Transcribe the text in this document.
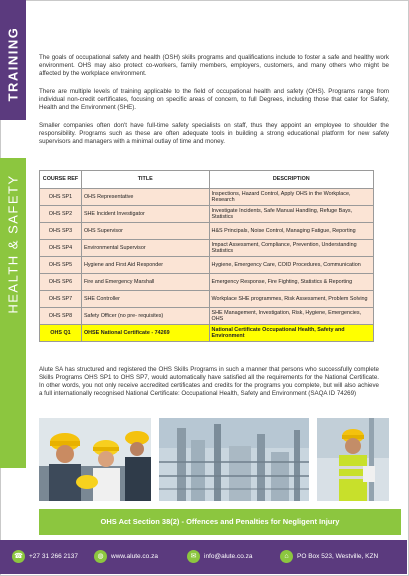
TRAINING
HEALTH & SAFETY

The goals of occupational safety and health (OSH) skills programs and qualifications include to foster a safe and healthy work environment. OHS may also protect co-workers, family members, employers, customers, and many others who might be affected by the workplace environment.

There are multiple levels of training applicable to the field of occupational health and safety (OHS). Programs range from individual non-credit certificates, focusing on specific areas of concern, to full Degrees, including those that cater for Safety, Health and the Environment (SHE).

Smaller companies often don't have full-time safety specialists on staff, thus they appoint an employee to shoulder the responsibility. Programs such as these are often adequate tools in building a strong educational platform for new safety supervisors and managers with a minimal outlay of time and money.

COURSE REF	TITLE	DESCRIPTION
OHS SP1	OHS Representative	Inspections, Hazard Control, Apply OHS in the Workplace, Research
OHS SP2	SHE Incident Investigator	Investigate Incidents, Safe Manual Handling, Refuge Bays, Statistics
OHS SP3	OHS Supervisor	H&S Principals, Noise Control, Managing Fatigue, Reporting
OHS SP4	Environmental Supervisor	Impact Assessment, Compliance, Prevention, Understanding Statistics
OHS SP5	Hygiene and First Aid Responder	Hygiene, Emergency Care, COID Procedures, Communication
OHS SP6	Fire and Emergency Marshall	Emergency Response, Fire Fighting, Statistics & Reporting
OHS SP7	SHE Controller	Workplace SHE programmes, Risk Assessment, Problem Solving
OHS SP8	Safety Officer (no pre- requisites)	SHE Management, Investigation, Risk, Hygiene, Emergencies, OHS
OHS Q1	OHSE National Certificate - 74269	National Certificate Occupational Health, Safety and Environment
Alute SA has structured and registered the OHS Skills Programs in such a manner that persons who successfully complete Skills Programs OHS SP1 to OHS SP7, would automatically have satisfied all the requirements for the National Certificate. In other words, you not only receive accredited certificates and credits for the programs you complete, but will also achieve a full internationally recognised National Certificate: Occupational Health, Safety and Environment (SAQA ID 74269)
OHS Act Section 38(2) - Offences and Penalties for Negligent Injury
☎ +27 31 266 2137	◍	www.alute.co.za	✉	info@alute.co.za	⌂	PO Box 523, Westville, KZN
